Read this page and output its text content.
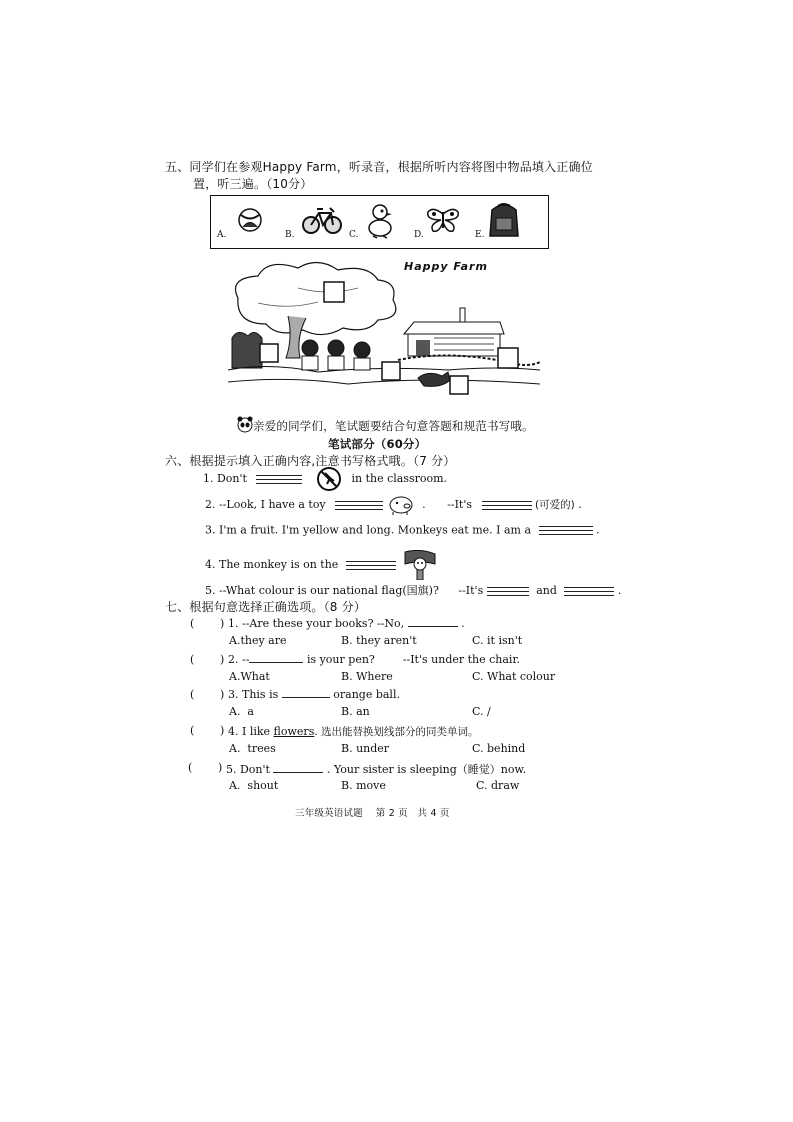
五、同学们在参观Happy Farm，听录音，根据所听内容将图中物品填入正确位
置，听三遍。（10分）
A.	B.	C.	D.	E.
Happy Farm
亲爱的同学们，笔试题要结合句意答题和规范书写哦。
笔试部分（60分）
六、根据提示填入正确内容,注意书写格式哦。（7 分）
1. Don't	in the classroom.
2. --Look, I have a toy	. --It's	(可爱的) .
3. I'm a fruit. I'm yellow and long. Monkeys eat me. I am a	.
4. The monkey is on the

5. --What colour is our national flag(国旗)? --It's	and	.
七、根据句意选择正确选项。（8 分）
( ) 1. --Are these your books? --No,	.
A.they are	B. they aren't	C. it isn't
( ) 2. --	is your pen?        --It's under the chair.
A.What	B. Where	C. What colour
( ) 3. This is	orange ball.
A.  a	B. an	C. /
( ) 4. I like flowers. 选出能替换划线部分的同类单词。
A.  trees	B. under	C. behind
( ) 5. Don't	. Your sister is sleeping（睡觉）now.
A.  shout	B. move	C. draw
三年级英语试题    第 2 页   共 4 页
